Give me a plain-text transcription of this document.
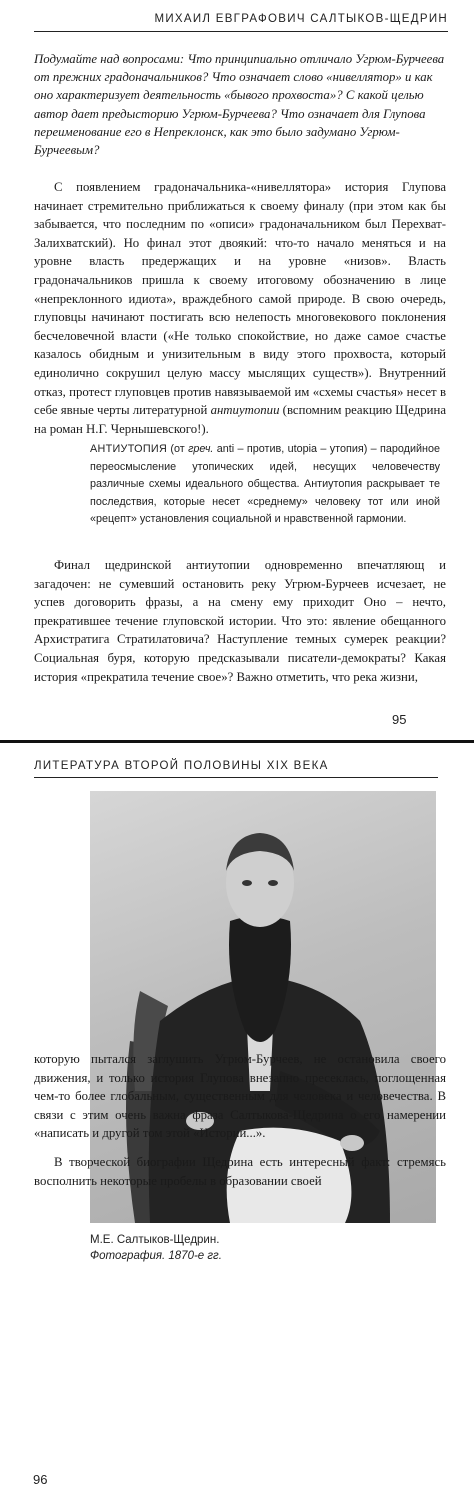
МИХАИЛ ЕВГРАФОВИЧ САЛТЫКОВ-ЩЕДРИН

Подумайте над вопросами: Что принципиально отличало Угрюм-Бурчеева от прежних градоначальников? Что означает слово «нивеллятор» и как оно характеризует деятельность «бывого прохвоста»? С какой целью автор дает предысторию Угрюм-Бурчеева? Что означает для Глупова переименование его в Непреклонск, как это было задумано Угрюм-Бурчеевым?

С появлением градоначальника-«нивеллятора» история Глупова начинает стремительно приближаться к своему финалу (при этом как бы забывается, что последним по «описи» градоначальником был Перехват-Залихватский). Но финал этот двоякий: что-то начало меняться и на уровне власть предержащих и на уровне «низов». Власть градоначальников пришла к своему итоговому обозначению в лице «непреклонного идиота», враждебного самой природе. В свою очередь, глуповцы начинают постигать всю нелепость многовекового поклонения бесчеловечной власти («Не только спокойствие, но даже самое счастье казалось обидным и унизительным в виду этого прохвоста, который единолично сокрушил целую массу мыслящих существ»). Внутренний отказ, протест глуповцев против навязываемой им «схемы счастья» несет в себе явные черты литературной антиутопии (вспомним реакцию Щедрина на роман Н.Г. Чернышевского!).

АНТИУТОПИЯ (от греч. anti – против, utopia – утопия) – пародийное переосмысление утопических идей, несущих человечеству различные схемы идеального общества. Антиутопия раскрывает те последствия, которые несет «среднему» человеку тот или иной «рецепт» установления социальной и нравственной гармонии.

Финал щедринской антиутопии одновременно впечатляющ и загадочен: не сумевший остановить реку Угрюм-Бурчеев исчезает, не успев договорить фразы, а на смену ему приходит Оно – нечто, прекратившее течение глуповской истории. Что это: явление обещанного Архистратига Стратилатовича? Наступление темных сумерек реакции? Социальная буря, которую предсказывали писатели-демократы? Какая история «прекратила течение свое»? Важно отметить, что река жизни,

95
ЛИТЕРАТУРА ВТОРОЙ ПОЛОВИНЫ XIX ВЕКА
М.Е. Салтыков-Щедрин.
Фотография. 1870-е гг.

которую пытался заглушить Угрюм-Бурчеев, не остановила своего движения, и только история Глупова внезапно пресеклась, поглощенная чем-то более глобальным, существенным для человека и человечества. В связи с этим очень важна фраза Салтыкова-Щедрина о его намерении «написать и другой том этой «Истории...».

В творческой биографии Щедрина есть интересный факт: стремясь восполнить некоторые пробелы в образовании своей

96
